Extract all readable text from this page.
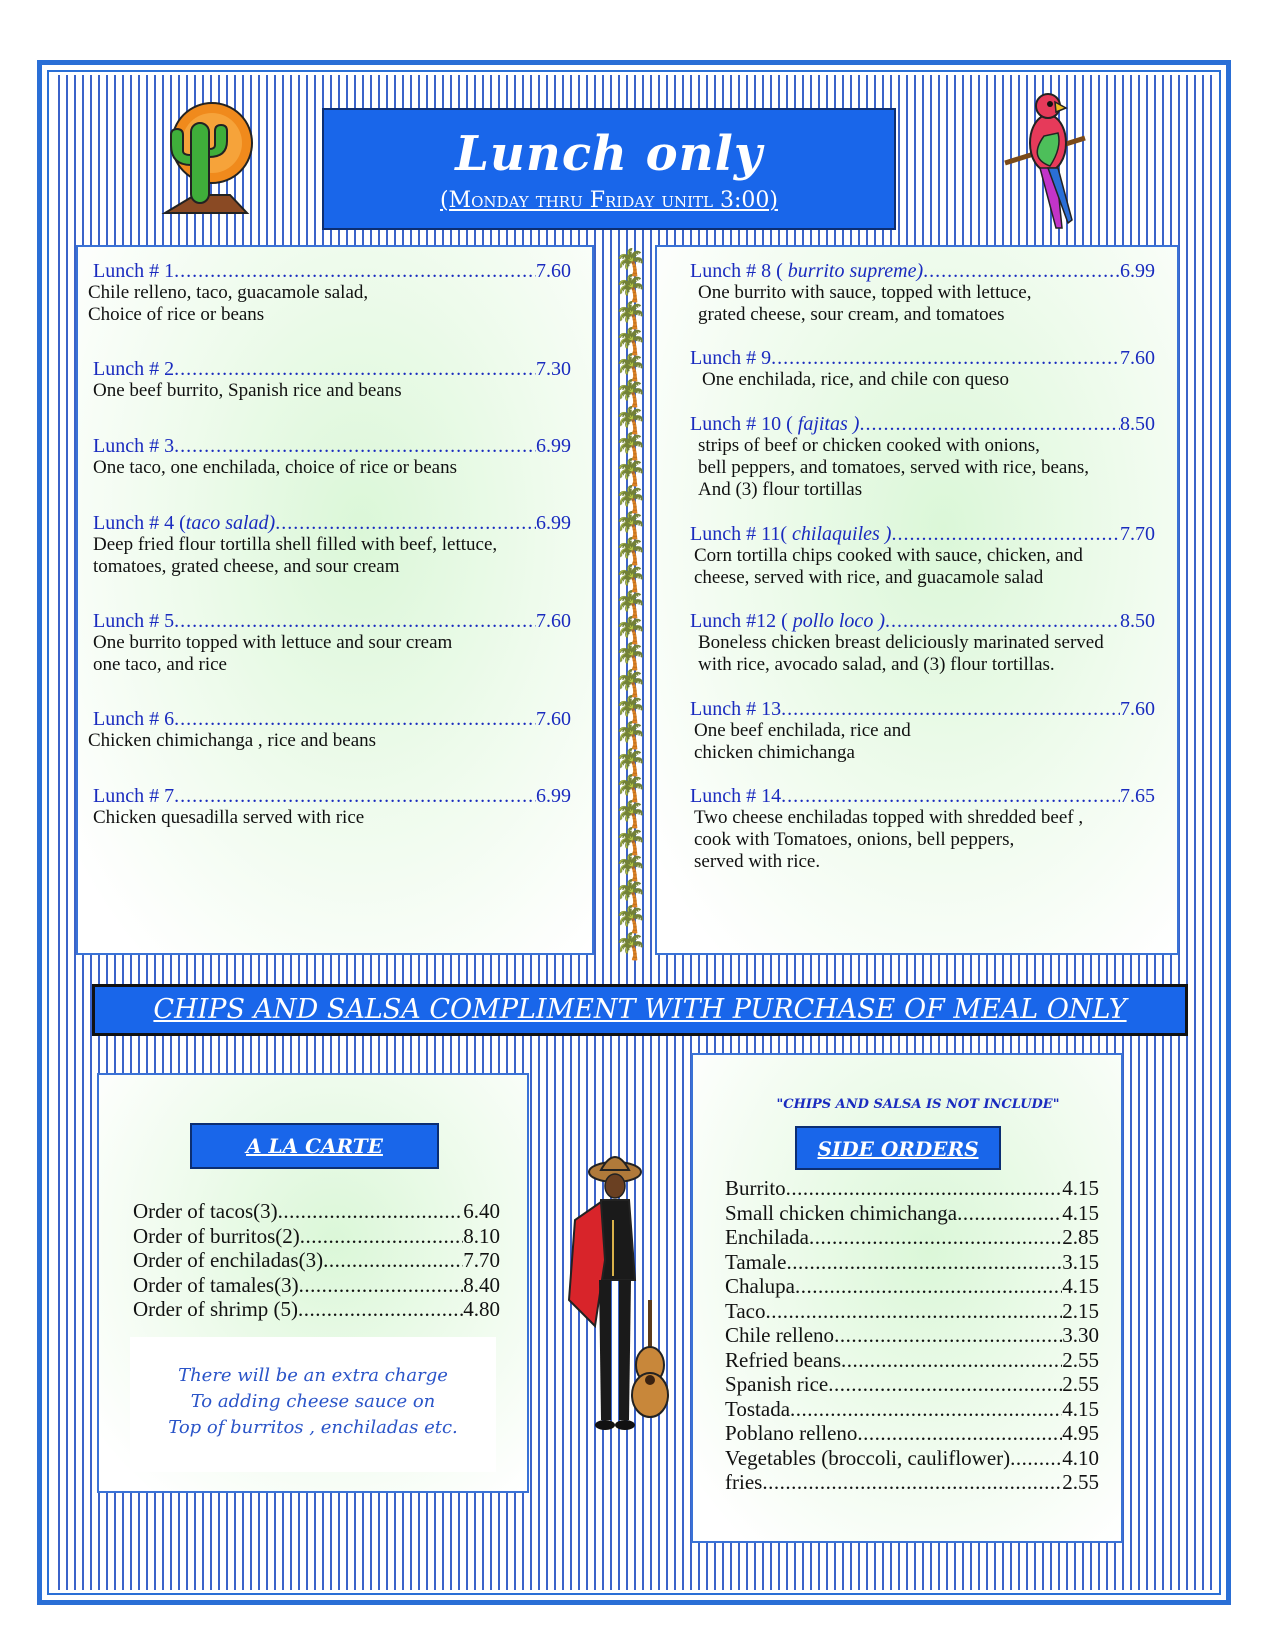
Lunch only
(Monday thru Friday unitl 3:00)
Lunch # 1 .....	7.60
Chile relleno, taco, guacamole salad,
Choice of rice or beans
Lunch # 2 .....	7.30
One beef burrito, Spanish rice and beans
Lunch # 3 .....	6.99
One taco, one enchilada, choice of rice or beans
Lunch # 4 (taco salad) .....	6.99
Deep fried flour tortilla shell filled with beef, lettuce,
tomatoes, grated cheese, and sour cream
Lunch # 5 .....	7.60
One burrito topped with lettuce and sour cream
one taco, and rice
Lunch # 6 .....	7.60
Chicken chimichanga , rice and beans
Lunch # 7 .....	6.99
Chicken quesadilla served with rice
🌴
🌴
🌴
🌴
🌴
🌴
🌴
🌴
🌴
🌴
🌴
🌴
🌴
🌴
🌴
🌴
🌴
🌴
🌴
🌴
🌴
🌴
🌴
🌴
🌴
🌴
🌴
Lunch # 8 ( burrito supreme) .....	6.99
One burrito with sauce, topped with lettuce,
grated cheese, sour cream, and tomatoes
Lunch # 9 .....	7.60
One enchilada, rice, and chile con queso
Lunch # 10 ( fajitas ) .....	8.50
strips of beef or chicken cooked with onions,
bell peppers, and tomatoes, served with rice, beans,
And (3) flour tortillas
Lunch # 11( chilaquiles ) .....	7.70
Corn tortilla chips cooked with sauce, chicken, and
cheese, served with rice, and guacamole salad
Lunch #12 ( pollo loco ) .....	8.50
Boneless chicken breast deliciously marinated served
with rice, avocado salad, and (3) flour tortillas.
Lunch # 13 .....	7.60
One beef enchilada, rice and
chicken chimichanga
Lunch # 14 .....	7.65
Two cheese enchiladas topped with shredded beef ,
cook with Tomatoes, onions, bell peppers,
served with rice.
CHIPS AND SALSA COMPLIMENT WITH PURCHASE OF MEAL ONLY
A LA CARTE
Order of tacos(3) .....	6.40
Order of burritos(2) .....	8.10
Order of enchiladas(3) .....	7.70
Order of tamales(3) .....	8.40
Order of shrimp (5) .....	4.80
There will be an extra charge
To adding cheese sauce on
Top of burritos , enchiladas etc.
"CHIPS AND SALSA IS NOT INCLUDE"
SIDE ORDERS
Burrito .....	4.15
Small chicken chimichanga .....	4.15
Enchilada .....	2.85
Tamale .....	3.15
Chalupa .....	4.15
Taco .....	2.15
Chile relleno .....	3.30
Refried beans .....	2.55
Spanish rice .....	2.55
Tostada .....	4.15
Poblano relleno .....	4.95
Vegetables (broccoli, cauliflower) ..... 4.10
fries .....	2.55
